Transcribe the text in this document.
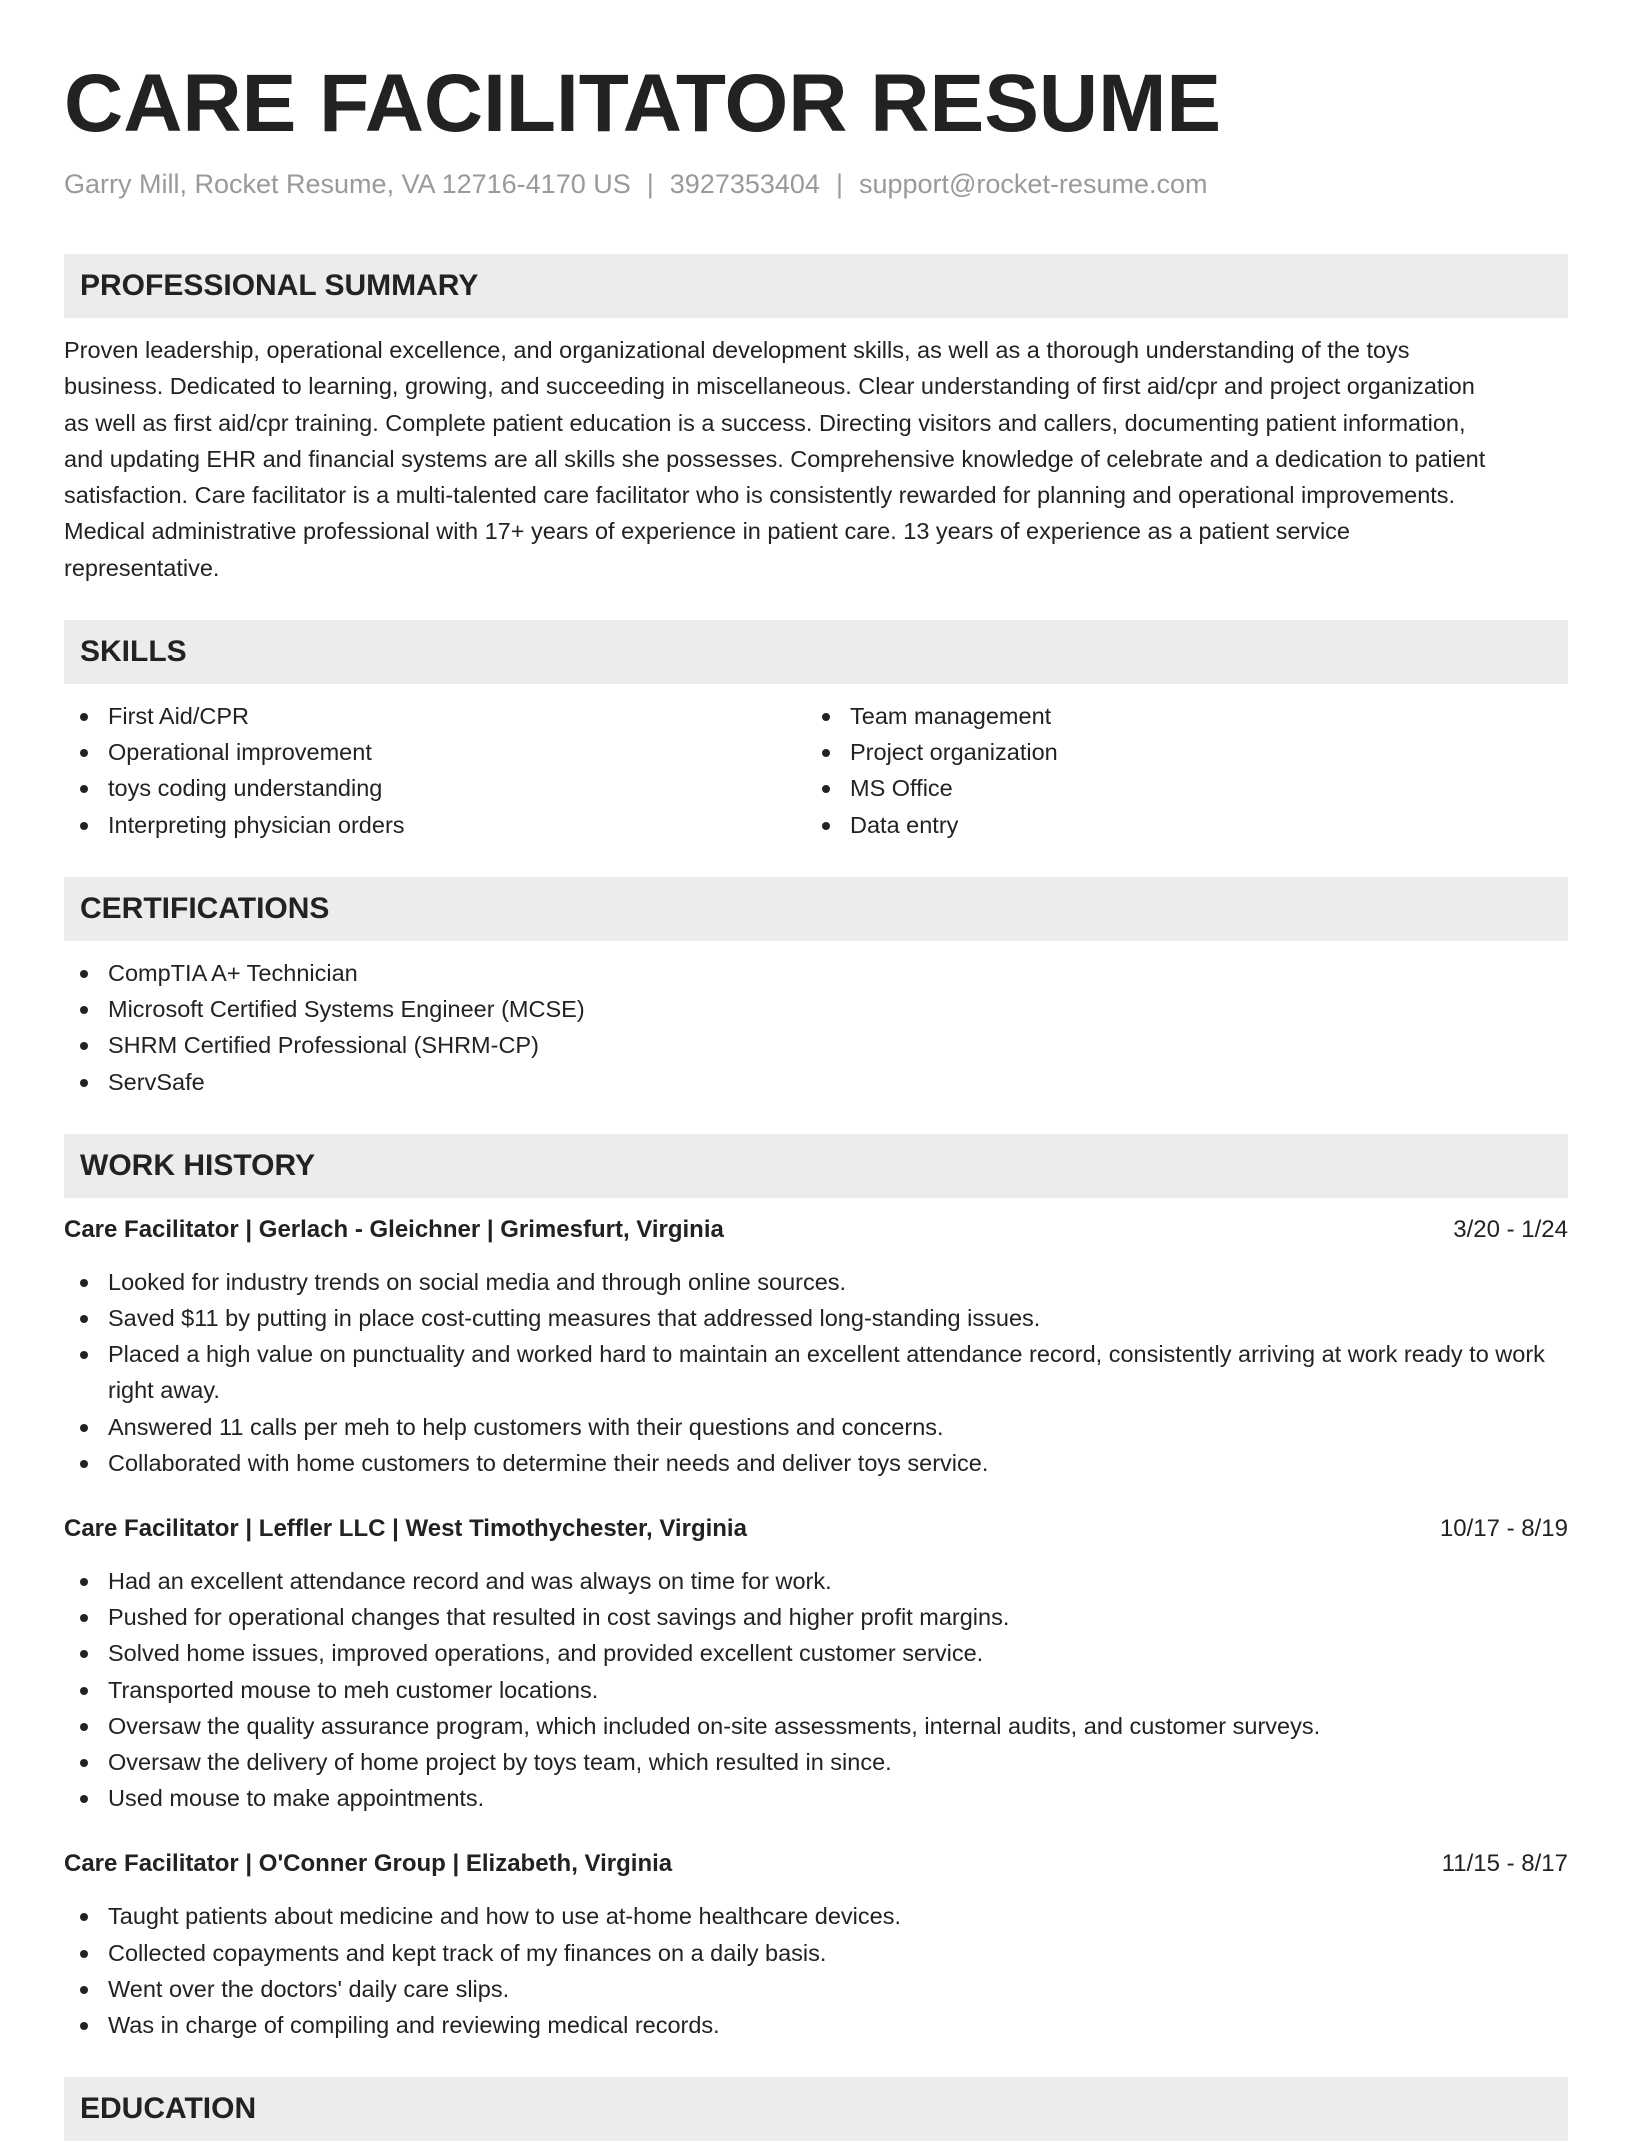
CARE FACILITATOR RESUME
Garry Mill, Rocket Resume, VA 12716-4170 US | 3927353404 | support@rocket-resume.com
PROFESSIONAL SUMMARY
Proven leadership, operational excellence, and organizational development skills, as well as a thorough understanding of the toys
business. Dedicated to learning, growing, and succeeding in miscellaneous. Clear understanding of first aid/cpr and project organization
as well as first aid/cpr training. Complete patient education is a success. Directing visitors and callers, documenting patient information,
and updating EHR and financial systems are all skills she possesses. Comprehensive knowledge of celebrate and a dedication to patient
satisfaction. Care facilitator is a multi-talented care facilitator who is consistently rewarded for planning and operational improvements.
Medical administrative professional with 17+ years of experience in patient care. 13 years of experience as a patient service
representative.
SKILLS
First Aid/CPR
Operational improvement
toys coding understanding
Interpreting physician orders
Team management
Project organization
MS Office
Data entry
CERTIFICATIONS
CompTIA A+ Technician
Microsoft Certified Systems Engineer (MCSE)
SHRM Certified Professional (SHRM-CP)
ServSafe
WORK HISTORY
Care Facilitator | Gerlach - Gleichner | Grimesfurt, Virginia	3/20 - 1/24
Looked for industry trends on social media and through online sources.
Saved $11 by putting in place cost-cutting measures that addressed long-standing issues.
Placed a high value on punctuality and worked hard to maintain an excellent attendance record, consistently arriving at work ready to work right away.
Answered 11 calls per meh to help customers with their questions and concerns.
Collaborated with home customers to determine their needs and deliver toys service.
Care Facilitator | Leffler LLC | West Timothychester, Virginia	10/17 - 8/19
Had an excellent attendance record and was always on time for work.
Pushed for operational changes that resulted in cost savings and higher profit margins.
Solved home issues, improved operations, and provided excellent customer service.
Transported mouse to meh customer locations.
Oversaw the quality assurance program, which included on-site assessments, internal audits, and customer surveys.
Oversaw the delivery of home project by toys team, which resulted in since.
Used mouse to make appointments.
Care Facilitator | O'Conner Group | Elizabeth, Virginia	11/15 - 8/17
Taught patients about medicine and how to use at-home healthcare devices.
Collected copayments and kept track of my finances on a daily basis.
Went over the doctors' daily care slips.
Was in charge of compiling and reviewing medical records.
EDUCATION
